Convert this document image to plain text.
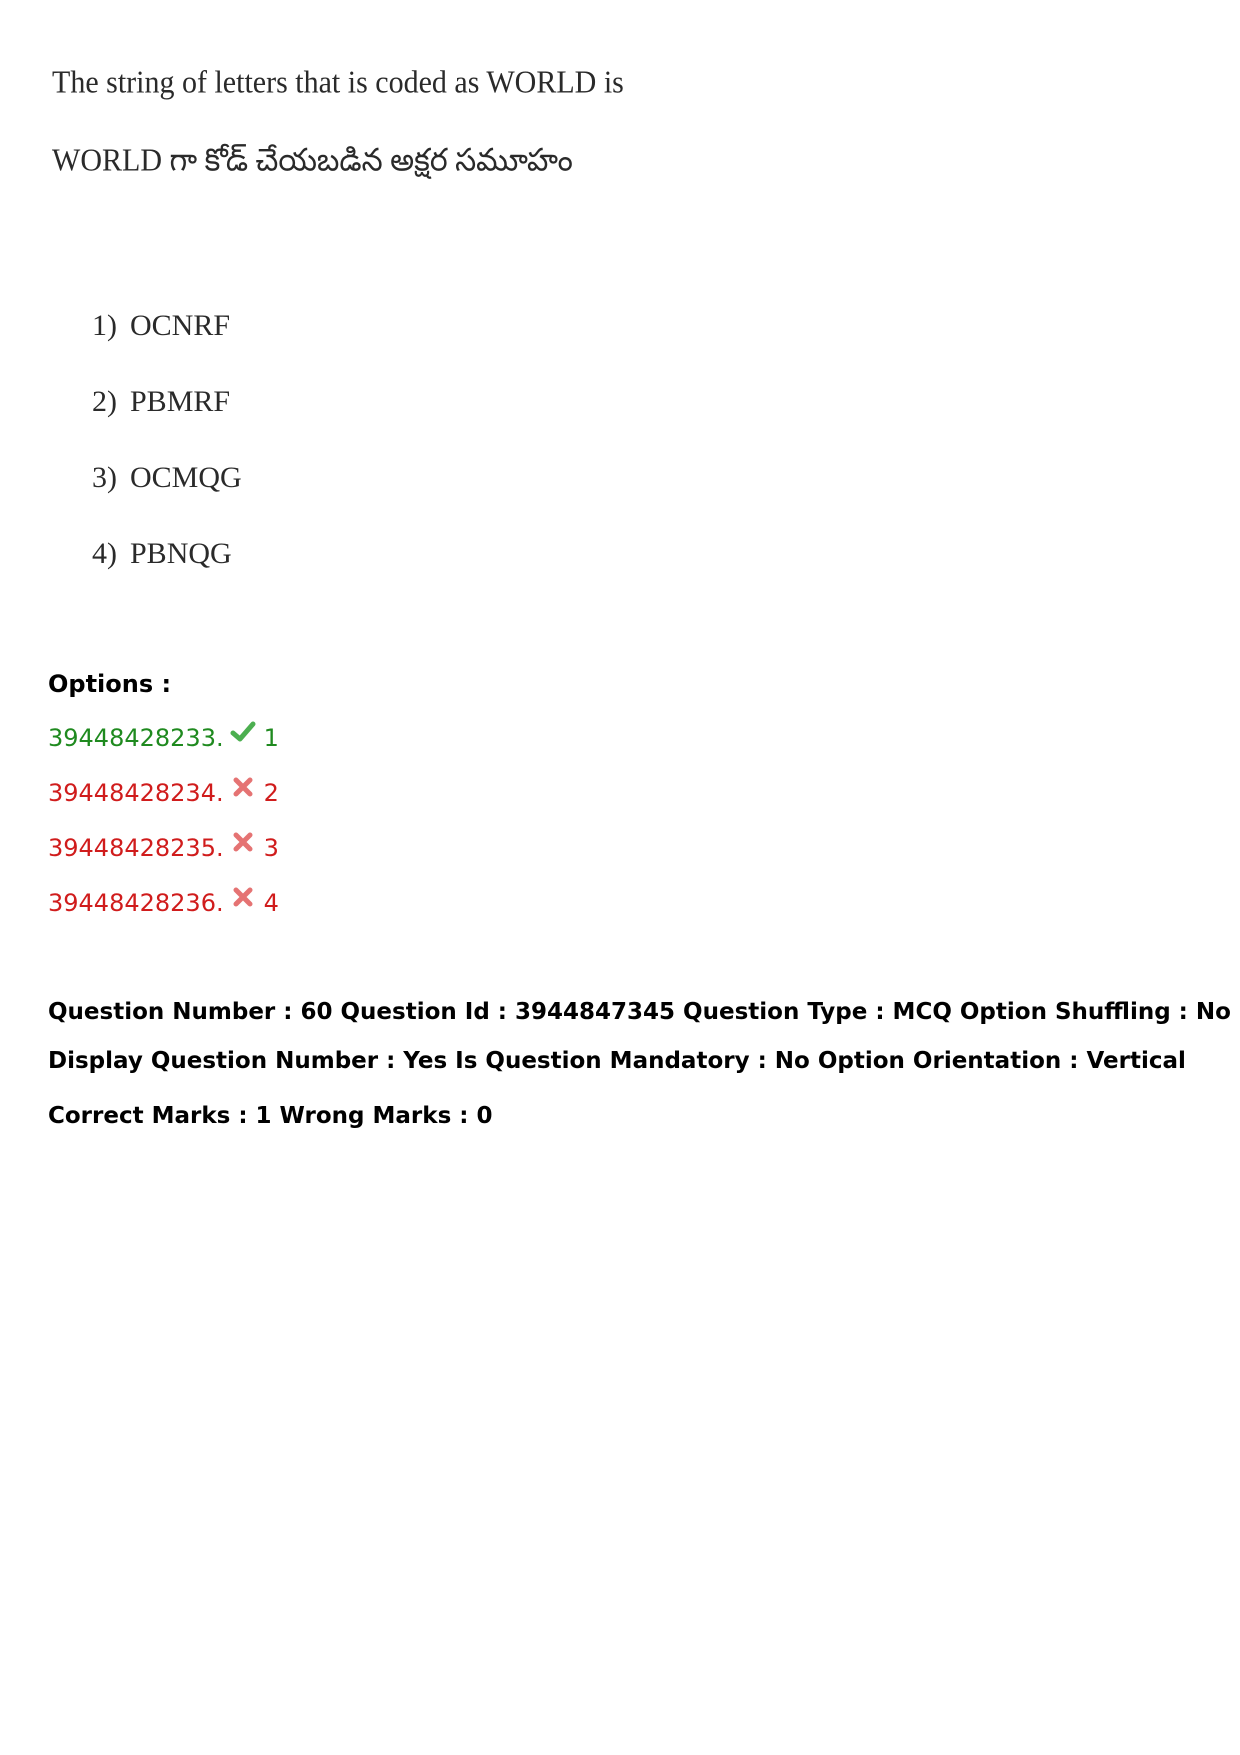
The string of letters that is coded as WORLD is
WORLD గా కోడ్ చేయబడిన అక్షర సమూహం
1) OCNRF
2) PBMRF
3) OCMQG
4) PBNQG

Options :

39448428233. 1
39448428234. 2
39448428235. 3
39448428236. 4
Question Number : 60 Question Id : 3944847345 Question Type : MCQ Option Shuffling : No
Display Question Number : Yes Is Question Mandatory : No Option Orientation : Vertical
Correct Marks : 1 Wrong Marks : 0
